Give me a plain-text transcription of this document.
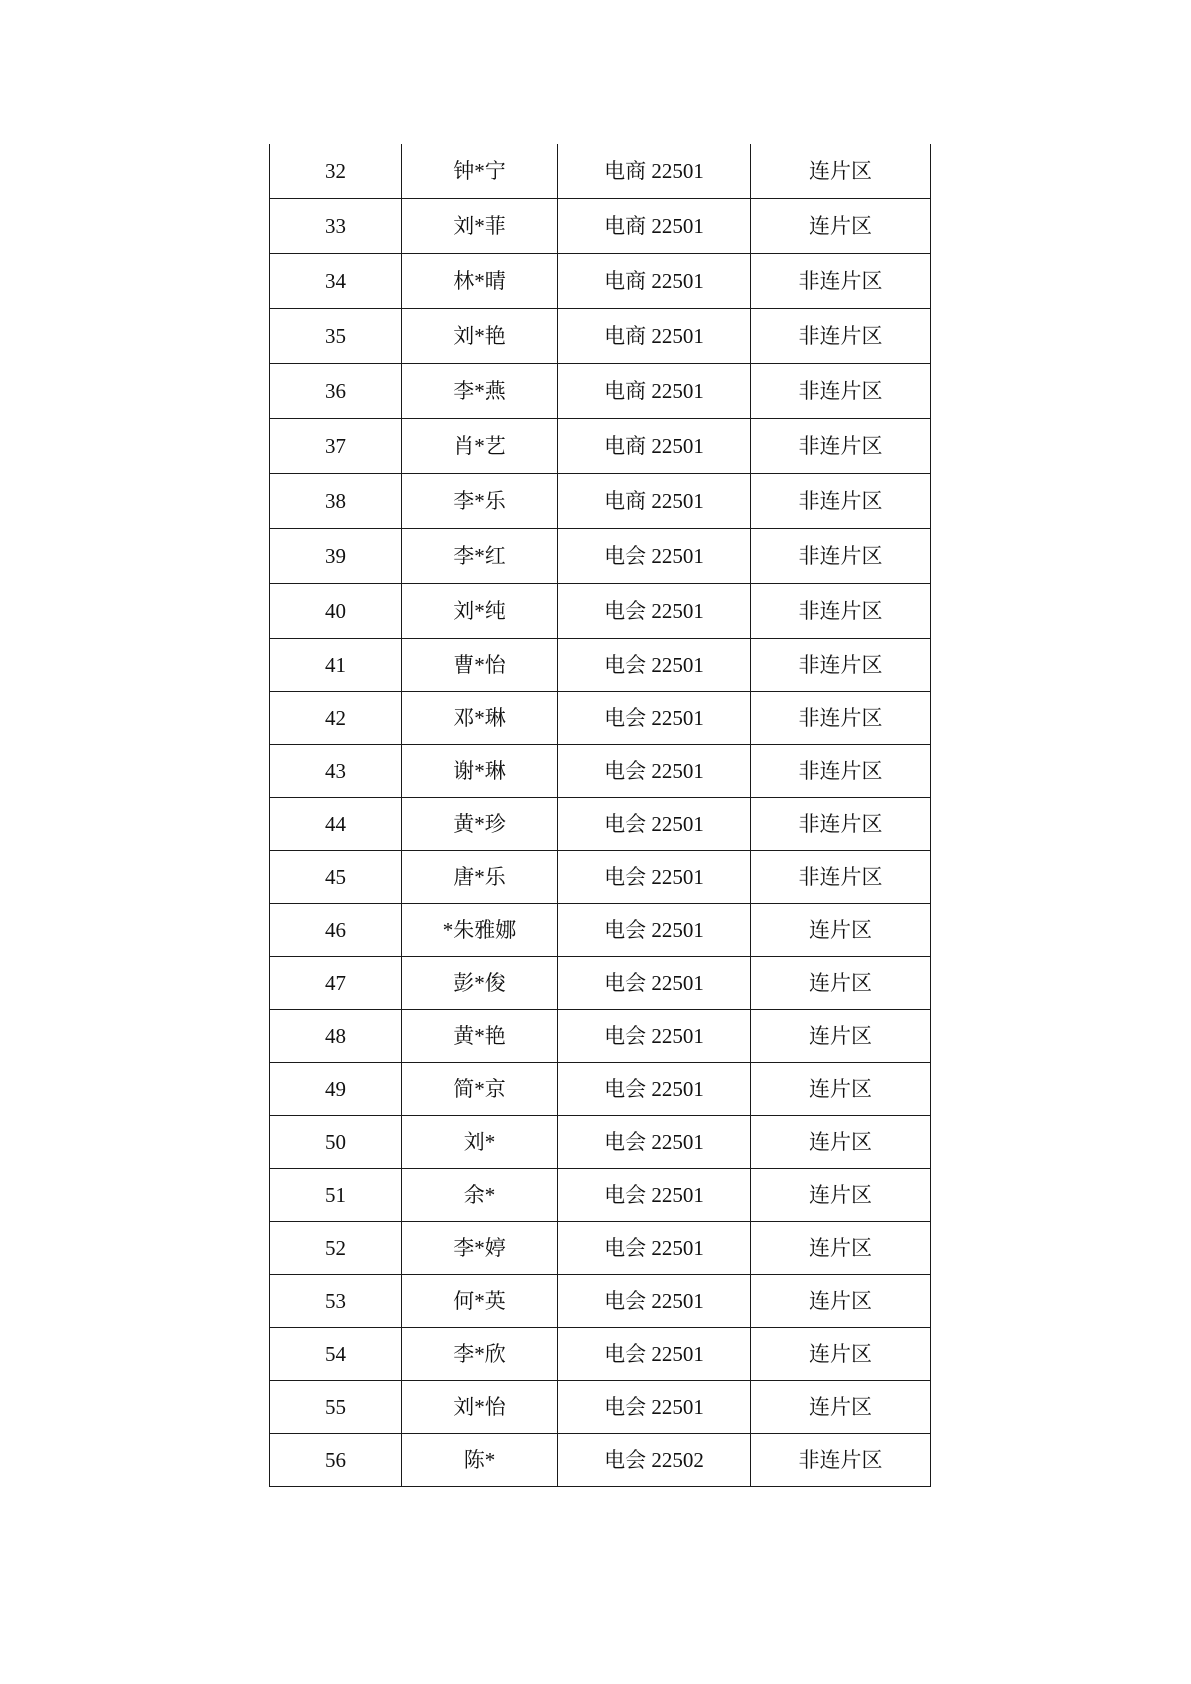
32	钟*宁	电商 22501	连片区
33	刘*菲	电商 22501	连片区
34	林*晴	电商 22501	非连片区
35	刘*艳	电商 22501	非连片区
36	李*燕	电商 22501	非连片区
37	肖*艺	电商 22501	非连片区
38	李*乐	电商 22501	非连片区
39	李*红	电会 22501	非连片区
40	刘*纯	电会 22501	非连片区
41	曹*怡	电会 22501	非连片区
42	邓*琳	电会 22501	非连片区
43	谢*琳	电会 22501	非连片区
44	黄*珍	电会 22501	非连片区
45	唐*乐	电会 22501	非连片区
46	*朱雅娜	电会 22501	连片区
47	彭*俊	电会 22501	连片区
48	黄*艳	电会 22501	连片区
49	简*京	电会 22501	连片区
50	刘*	电会 22501	连片区
51	余*	电会 22501	连片区
52	李*婷	电会 22501	连片区
53	何*英	电会 22501	连片区
54	李*欣	电会 22501	连片区
55	刘*怡	电会 22501	连片区
56	陈*	电会 22502	非连片区
